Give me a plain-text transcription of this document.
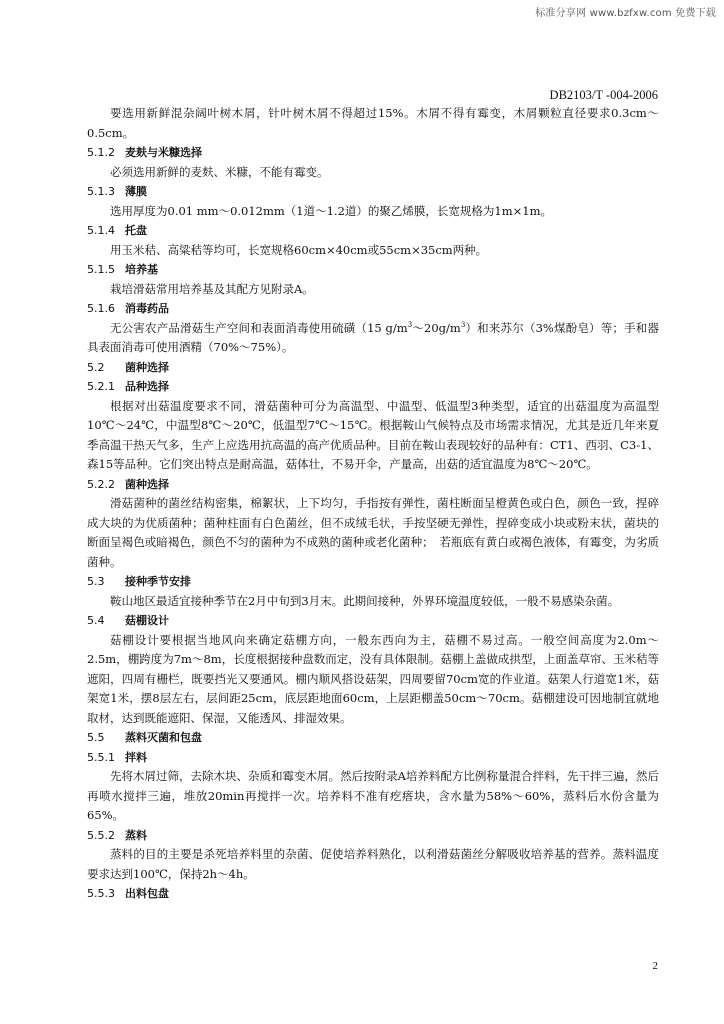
标准分享网 www.bzfxw.com 免费下载
DB2103/T -004-2006

要选用新鲜混杂阔叶树木屑，针叶树木屑不得超过15%。木屑不得有霉变，木屑颗粒直径要求0.3cm～0.5cm。

5.1.2 麦麸与米糠选择

必须选用新鲜的麦麸、米糠，不能有霉变。

5.1.3 薄膜

选用厚度为0.01 mm～0.012mm（1道～1.2道）的聚乙烯膜，长宽规格为1m×1m。

5.1.4 托盘

用玉米秸、高粱秸等均可，长宽规格60cm×40cm或55cm×35cm两种。

5.1.5 培养基

栽培滑菇常用培养基及其配方见附录A。

5.1.6 消毒药品

无公害农产品滑菇生产空间和表面消毒使用硫磺（15 $g/m^3\sim 20g/m^3$）和来苏尔（3%煤酚皂）等；手和器具表面消毒可使用酒精（70%～75%）。

5.2 菌种选择

5.2.1 品种选择

根据对出菇温度要求不同，滑菇菌种可分为高温型、中温型、低温型3种类型，适宜的出菇温度为高温型10℃～24℃，中温型8℃～20℃，低温型7℃～15℃。根据鞍山气候特点及市场需求情况，尤其是近几年来夏季高温干热天气多，生产上应选用抗高温的高产优质品种。目前在鞍山表现较好的品种有：CT1、西羽、C3-1、森15等品种。它们突出特点是耐高温，菇体壮，不易开伞，产量高，出菇的适宜温度为8℃～20℃。

5.2.2 菌种选择

滑菇菌种的菌丝结构密集，棉絮状，上下均匀，手指按有弹性，菌柱断面呈橙黄色或白色，颜色一致，捏碎成大块的为优质菌种；菌种柱面有白色菌丝，但不成绒毛状，手按坚硬无弹性，捏碎变成小块或粉末状，菌块的断面呈褐色或暗褐色，颜色不匀的菌种为不成熟的菌种或老化菌种；　若瓶底有黄白或褐色液体，有霉变，为劣质菌种。

5.3 接种季节安排

鞍山地区最适宜接种季节在2月中旬到3月末。此期间接种，外界环境温度较低，一般不易感染杂菌。

5.4 菇棚设计

菇棚设计要根据当地风向来确定菇棚方向，一般东西向为主，菇棚不易过高。一般空间高度为2.0m～2.5m，棚跨度为7m～8m，长度根据接种盘数而定，没有具体限制。菇棚上盖做成拱型，上面盖草帘、玉米秸等遮阳，四周有栅栏，既要挡光又要通风。棚内顺风搭设菇架，四周要留70cm宽的作业道。菇架人行道宽1米，菇架宽1米，摆8层左右，层间距25cm，底层距地面60cm，上层距棚盖50cm～70cm。菇棚建设可因地制宜就地取材，达到既能遮阳、保湿，又能透风、排湿效果。

5.5 蒸料灭菌和包盘

5.5.1 拌料

先将木屑过筛，去除木块、杂质和霉变木屑。然后按附录A培养料配方比例称量混合拌料，先干拌三遍，然后再喷水搅拌三遍，堆放20min再搅拌一次。培养料不准有疙瘩块，含水量为58%～60%，蒸料后水份含量为65%。

5.5.2 蒸料

蒸料的目的主要是杀死培养料里的杂菌、促使培养料熟化，以利滑菇菌丝分解吸收培养基的营养。蒸料温度要求达到100℃，保持2h～4h。

5.5.3 出料包盘

2
